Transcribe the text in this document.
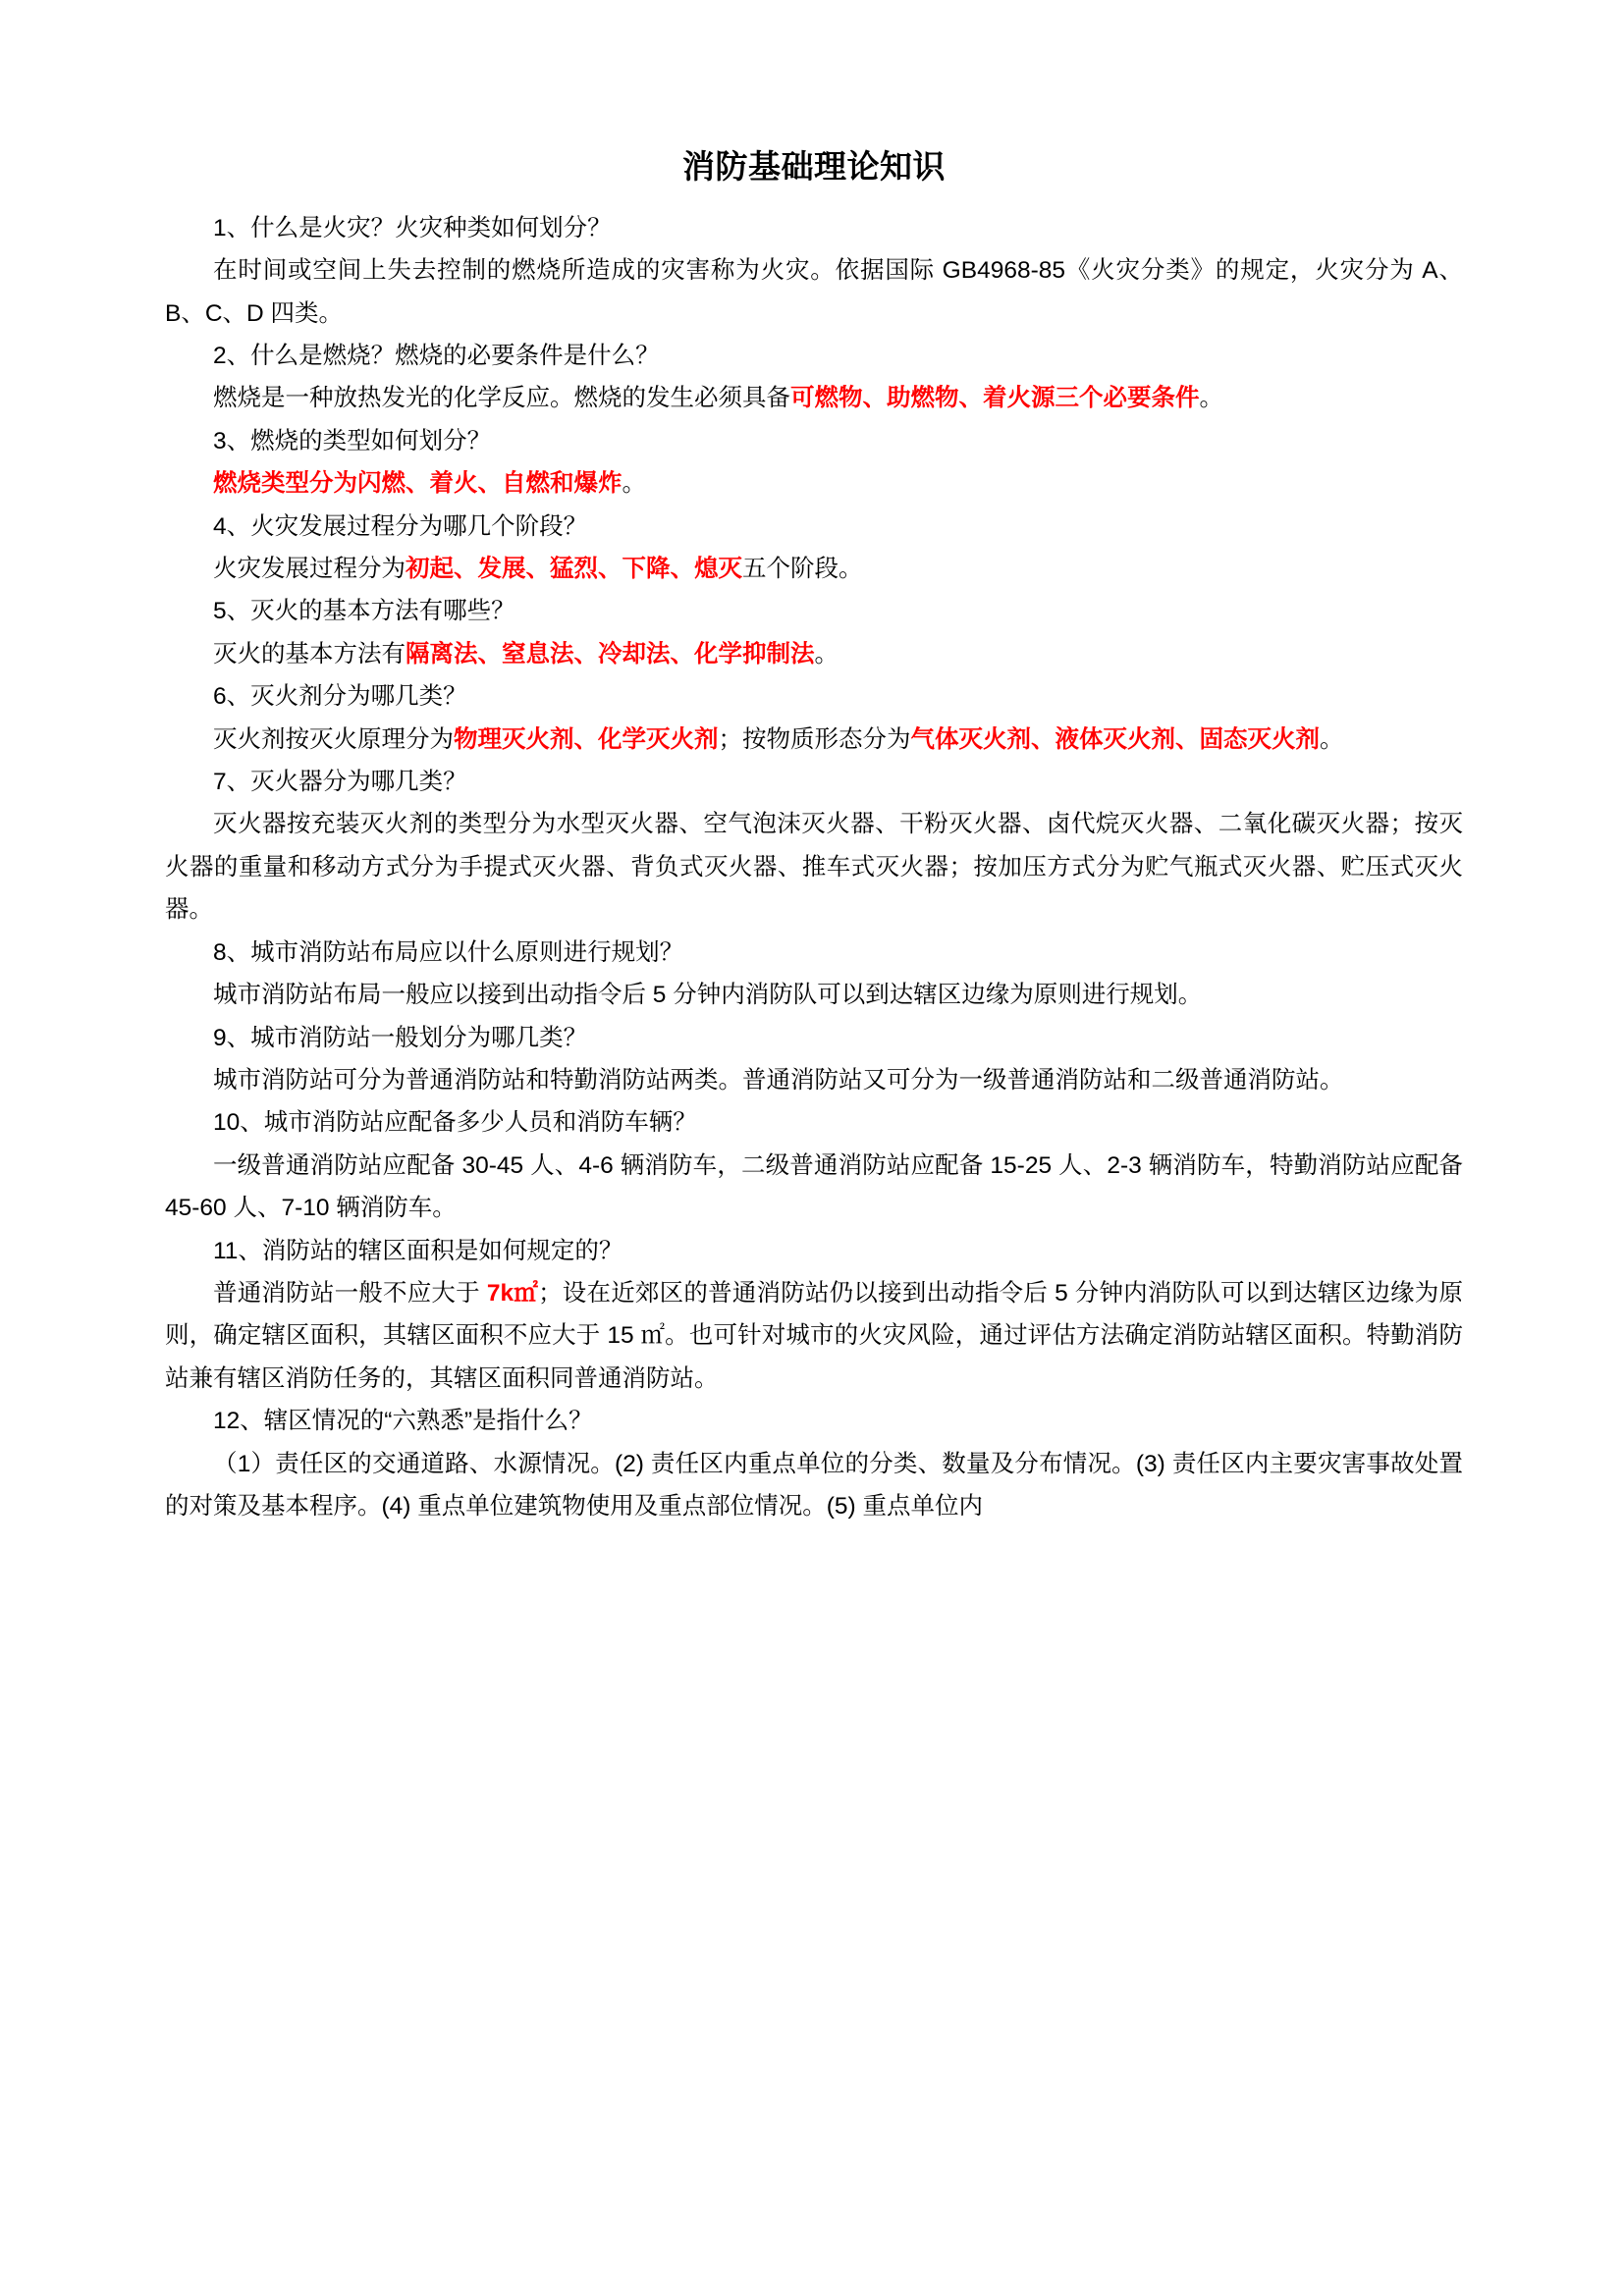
消防基础理论知识

1、什么是火灾？火灾种类如何划分？

在时间或空间上失去控制的燃烧所造成的灾害称为火灾。依据国际 GB4968-85《火灾分类》的规定，火灾分为 A、B、C、D 四类。

2、什么是燃烧？燃烧的必要条件是什么？

燃烧是一种放热发光的化学反应。燃烧的发生必须具备可燃物、助燃物、着火源三个必要条件。

3、燃烧的类型如何划分？

燃烧类型分为闪燃、着火、自燃和爆炸。

4、火灾发展过程分为哪几个阶段？

火灾发展过程分为初起、发展、猛烈、下降、熄灭五个阶段。

5、灭火的基本方法有哪些？

灭火的基本方法有隔离法、窒息法、冷却法、化学抑制法。

6、灭火剂分为哪几类？

灭火剂按灭火原理分为物理灭火剂、化学灭火剂；按物质形态分为气体灭火剂、液体灭火剂、固态灭火剂。

7、灭火器分为哪几类？

灭火器按充装灭火剂的类型分为水型灭火器、空气泡沫灭火器、干粉灭火器、卤代烷灭火器、二氧化碳灭火器；按灭火器的重量和移动方式分为手提式灭火器、背负式灭火器、推车式灭火器；按加压方式分为贮气瓶式灭火器、贮压式灭火器。

8、城市消防站布局应以什么原则进行规划？

城市消防站布局一般应以接到出动指令后 5 分钟内消防队可以到达辖区边缘为原则进行规划。

9、城市消防站一般划分为哪几类？

城市消防站可分为普通消防站和特勤消防站两类。普通消防站又可分为一级普通消防站和二级普通消防站。

10、城市消防站应配备多少人员和消防车辆？

一级普通消防站应配备 30-45 人、4-6 辆消防车，二级普通消防站应配备 15-25 人、2-3 辆消防车，特勤消防站应配备 45-60 人、7-10 辆消防车。

11、消防站的辖区面积是如何规定的？

普通消防站一般不应大于 7k㎡；设在近郊区的普通消防站仍以接到出动指令后 5 分钟内消防队可以到达辖区边缘为原则，确定辖区面积，其辖区面积不应大于 15 ㎡。也可针对城市的火灾风险，通过评估方法确定消防站辖区面积。特勤消防站兼有辖区消防任务的，其辖区面积同普通消防站。

12、辖区情况的“六熟悉”是指什么？

（1）责任区的交通道路、水源情况。(2) 责任区内重点单位的分类、数量及分布情况。(3) 责任区内主要灾害事故处置的对策及基本程序。(4) 重点单位建筑物使用及重点部位情况。(5) 重点单位内
